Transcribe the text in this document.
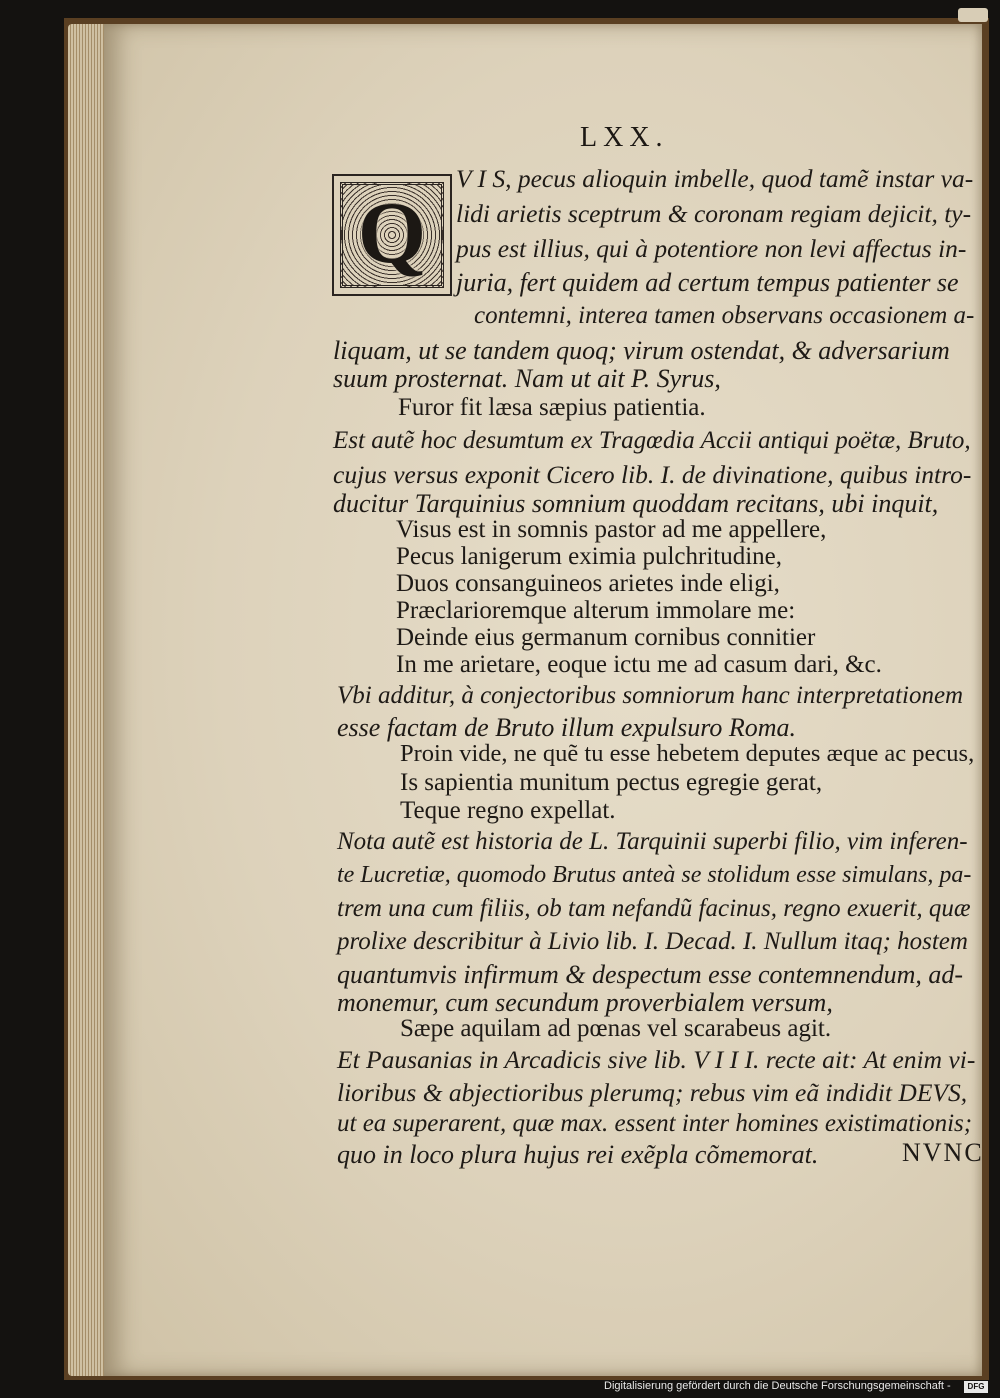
LXX.
Q

V I S, pecus alioquin imbelle, quod tamẽ instar va-

lidi arietis sceptrum & coronam regiam dejicit, ty-

pus est illius, qui à potentiore non levi affectus in-

juria, fert quidem ad certum tempus patienter se

contemni, interea tamen observans occasionem a-

liquam, ut se tandem quoq; virum ostendat, & adversarium

suum prosternat. Nam ut ait P. Syrus,

Furor fit læsa sæpius patientia.

Est autẽ hoc desumtum ex Tragœdia Accii antiqui poëtæ, Bruto,

cujus versus exponit Cicero lib. I. de divinatione, quibus intro-

ducitur Tarquinius somnium quoddam recitans, ubi inquit,

Visus est in somnis pastor ad me appellere,

Pecus lanigerum eximia pulchritudine,

Duos consanguineos arietes inde eligi,

Præclarioremque alterum immolare me:

Deinde eius germanum cornibus connitier

In me arietare, eoque ictu me ad casum dari, &c.

Vbi additur, à conjectoribus somniorum hanc interpretationem

esse factam de Bruto illum expulsuro Roma.

Proin vide, ne quẽ tu esse hebetem deputes æque ac pecus,

Is sapientia munitum pectus egregie gerat,

Teque regno expellat.

Nota autẽ est historia de L. Tarquinii superbi filio, vim inferen-

te Lucretiæ, quomodo Brutus anteà se stolidum esse simulans, pa-

trem una cum filiis, ob tam nefandũ facinus, regno exuerit, quæ

prolixe describitur à Livio lib. I. Decad. I. Nullum itaq; hostem

quantumvis infirmum & despectum esse contemnendum, ad-

monemur, cum secundum proverbialem versum,

Sæpe aquilam ad pœnas vel scarabeus agit.

Et Pausanias in Arcadicis sive lib. V I I I. recte ait: At enim vi-

lioribus & abjectioribus plerumq; rebus vim eã indidit DEVS,

ut ea superarent, quæ max. essent inter homines existimationis;

quo in loco plura hujus rei exẽpla cõmemorat.	NVNC
Digitalisierung gefördert durch die Deutsche Forschungsgemeinschaft -	DFG
